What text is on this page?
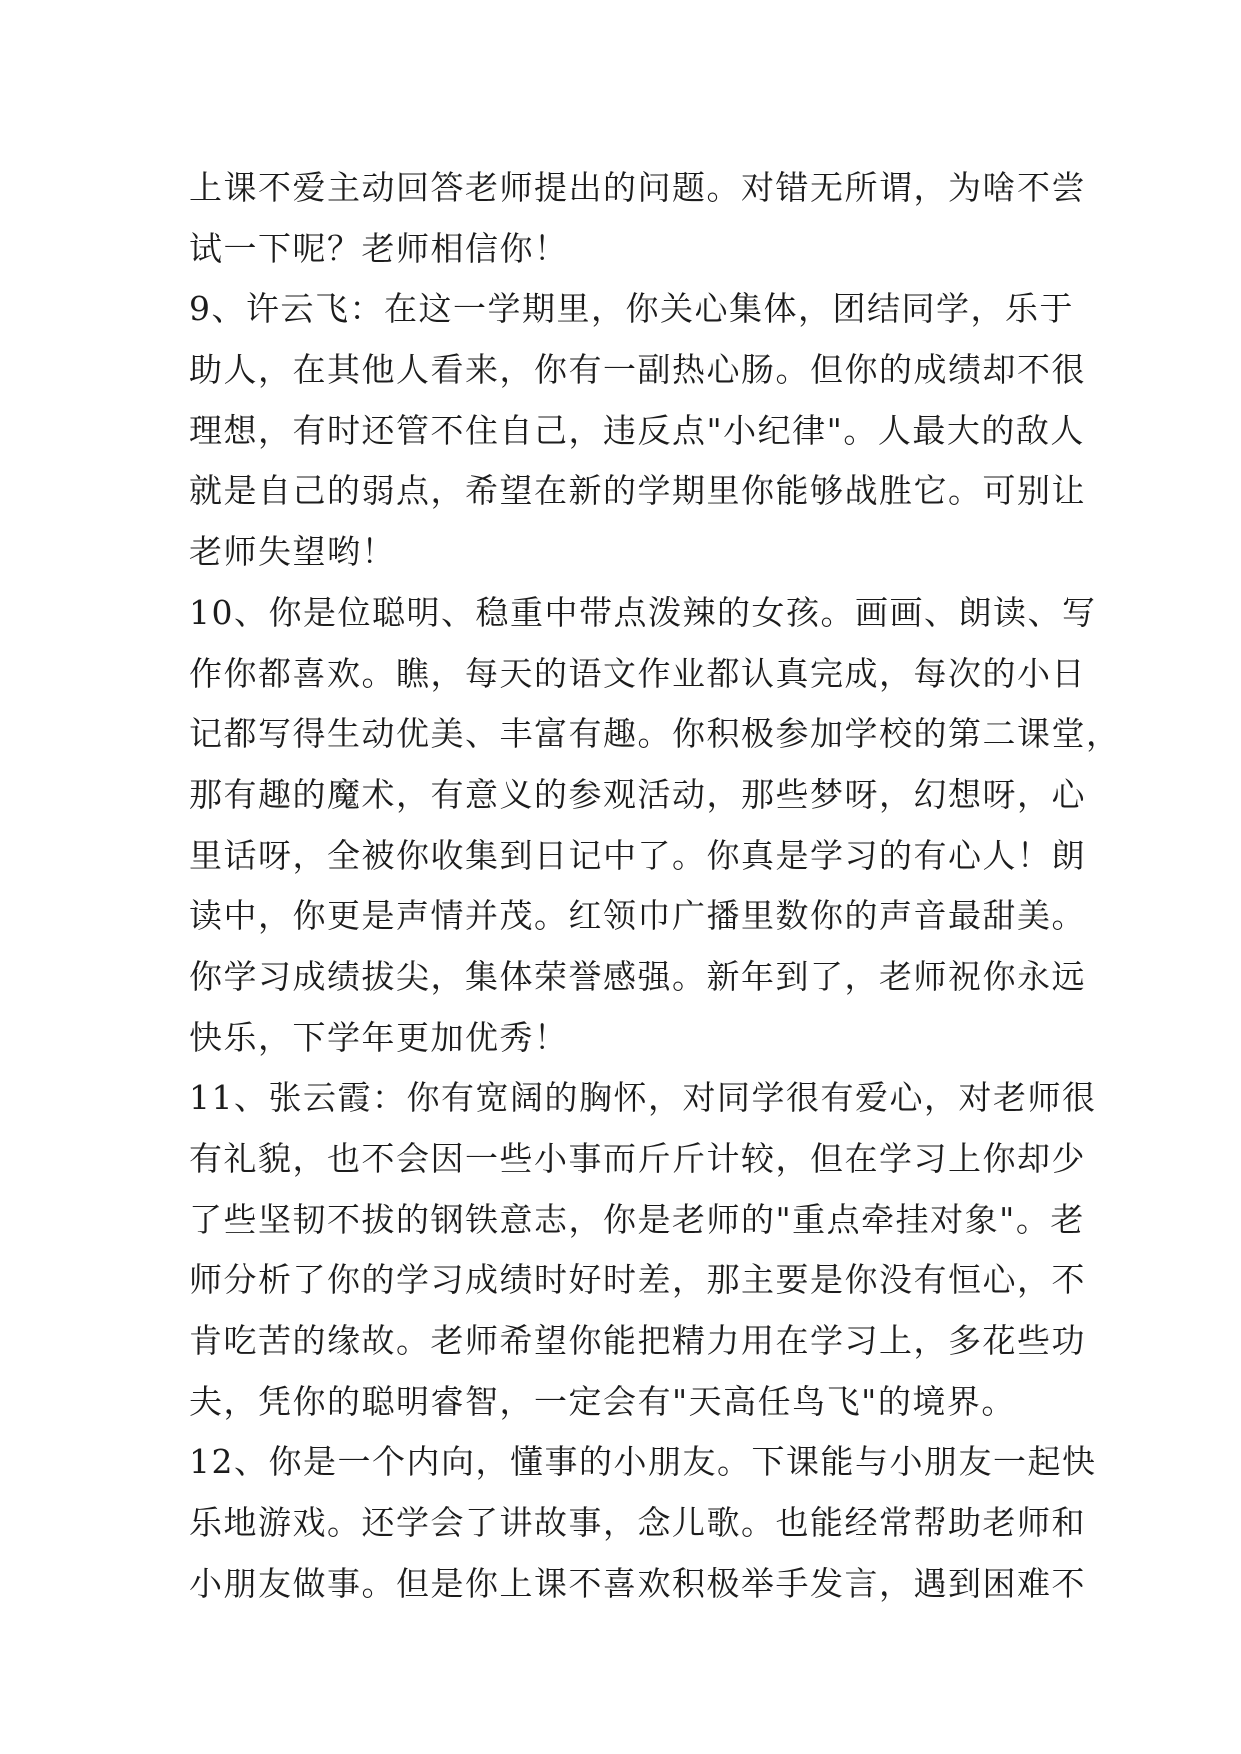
上课不爱主动回答老师提出的问题。对错无所谓，为啥不尝
试一下呢？老师相信你！
9、许云飞：在这一学期里，你关心集体，团结同学，乐于
助人，在其他人看来，你有一副热心肠。但你的成绩却不很
理想，有时还管不住自己，违反点"小纪律"。人最大的敌人
就是自己的弱点，希望在新的学期里你能够战胜它。可别让
老师失望哟！
10、你是位聪明、稳重中带点泼辣的女孩。画画、朗读、写
作你都喜欢。瞧，每天的语文作业都认真完成，每次的小日
记都写得生动优美、丰富有趣。你积极参加学校的第二课堂，
那有趣的魔术，有意义的参观活动，那些梦呀，幻想呀，心
里话呀，全被你收集到日记中了。你真是学习的有心人！朗
读中，你更是声情并茂。红领巾广播里数你的声音最甜美。
你学习成绩拔尖，集体荣誉感强。新年到了，老师祝你永远
快乐，下学年更加优秀！
11、张云霞：你有宽阔的胸怀，对同学很有爱心，对老师很
有礼貌，也不会因一些小事而斤斤计较，但在学习上你却少
了些坚韧不拔的钢铁意志，你是老师的"重点牵挂对象"。老
师分析了你的学习成绩时好时差，那主要是你没有恒心，不
肯吃苦的缘故。老师希望你能把精力用在学习上，多花些功
夫，凭你的聪明睿智，一定会有"天高任鸟飞"的境界。
12、你是一个内向，懂事的小朋友。下课能与小朋友一起快
乐地游戏。还学会了讲故事，念儿歌。也能经常帮助老师和
小朋友做事。但是你上课不喜欢积极举手发言，遇到困难不
